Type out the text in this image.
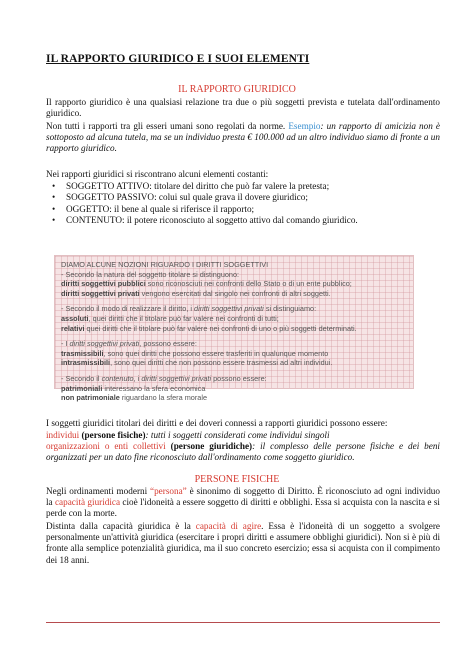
IL RAPPORTO GIURIDICO E I SUOI ELEMENTI
IL RAPPORTO GIURIDICO
Il rapporto giuridico è una qualsiasi relazione tra due o più soggetti prevista e tutelata dall'ordinamento giuridico.
Non tutti i rapporti tra gli esseri umani sono regolati da norme. Esempio: un rapporto di amicizia non è sottoposto ad alcuna tutela, ma se un individuo presta € 100.000 ad un altro individuo siamo di fronte a un rapporto giuridico.
Nei rapporti giuridici si riscontrano alcuni elementi costanti:
• SOGGETTO ATTIVO: titolare del diritto che può far valere la pretesta;
• SOGGETTO PASSIVO: colui sul quale grava il dovere giuridico;
• OGGETTO: il bene al quale si riferisce il rapporto;
• CONTENUTO: il potere riconosciuto al soggetto attivo dal comando giuridico.
DIAMO ALCUNE NOZIONI RIGUARDO I DIRITTI SOGGETTIVI
- Secondo la natura del soggetto titolare si distinguono:
diritti soggettivi pubblici sono riconosciuti nei confronti dello Stato o di un ente pubblico;
diritti soggettivi privati vengono esercitati dal singolo nei confronti di altri soggetti.
- Secondo il modo di realizzare il diritto, i diritti soggettivi privati si distinguiamo:
assoluti, quei diritti che il titolare può far valere nei confronti di tutti;
relativi quei diritti che il titolare può far valere nei confronti di uno o più soggetti determinati.
- I diritti soggettivi privati, possono essere:
trasmissibili, sono quei diritti che possono essere trasferiti in qualunque momento
intrasmissibili, sono quei diritti che non possono essere trasmessi ad altri individui.
- Secondo il contenuto, i diritti soggettivi privati possono essere:
patrimoniali interessano la sfera economica
non patrimoniale riguardano la sfera morale
I soggetti giuridici titolari dei diritti e dei doveri connessi a rapporti giuridici possono essere:
individui (persone fisiche): tutti i soggetti considerati come individui singoli
organizzazioni o enti collettivi (persone giuridiche): il complesso delle persone fisiche e dei beni organizzati per un dato fine riconosciuto dall'ordinamento come soggetto giuridico.
PERSONE FISICHE
Negli ordinamenti moderni “persona” è sinonimo di soggetto di Diritto. È riconosciuto ad ogni individuo la capacità giuridica cioè l'idoneità a essere soggetto di diritti e obblighi. Essa si acquista con la nascita e si perde con la morte.
Distinta dalla capacità giuridica è la capacità di agire. Essa è l'idoneità di un soggetto a svolgere personalmente un'attività giuridica (esercitare i propri diritti e assumere obblighi giuridici). Non si è più di fronte alla semplice potenzialità giuridica, ma il suo concreto esercizio; essa si acquista con il compimento dei 18 anni.
